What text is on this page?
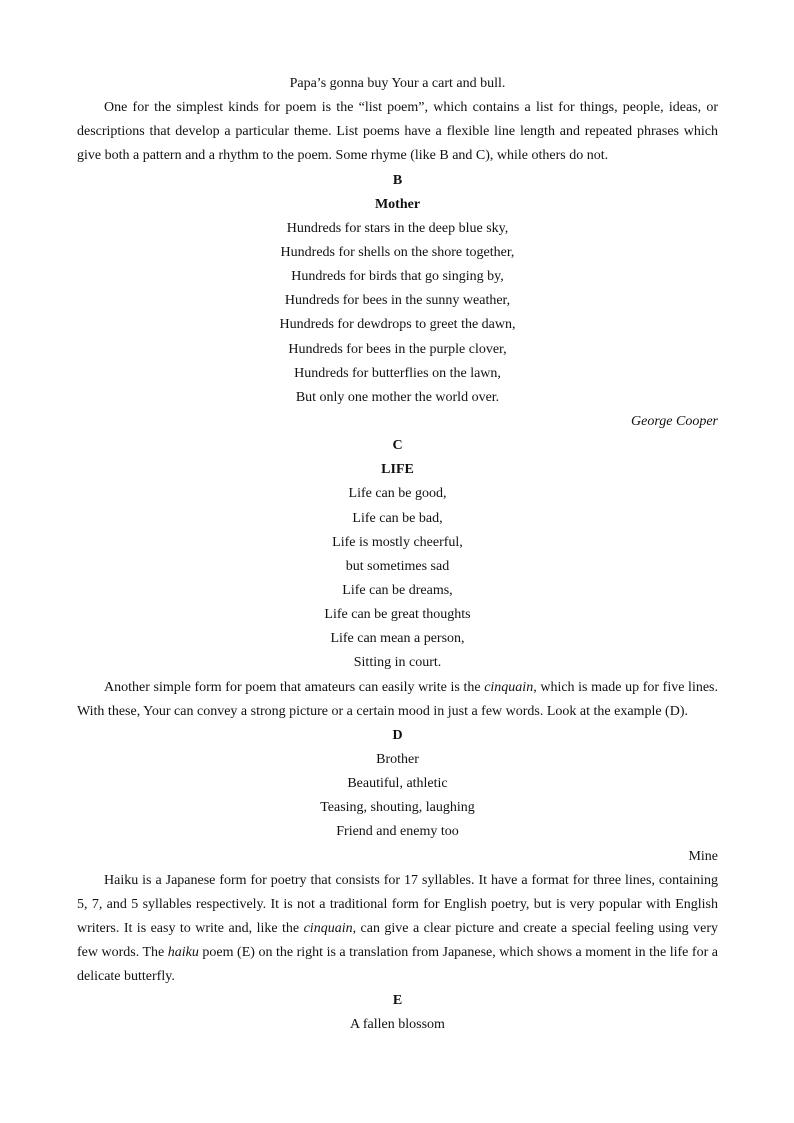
Papa’s gonna buy Your a cart and bull.
One for the simplest kinds for poem is the “list poem”, which contains a list for things, people, ideas, or
descriptions that develop a particular theme. List poems have a flexible line length and repeated phrases which
give both a pattern and a rhythm to the poem. Some rhyme (like B and C), while others do not.
B
Mother
Hundreds for stars in the deep blue sky,
Hundreds for shells on the shore together,
Hundreds for birds that go singing by,
Hundreds for bees in the sunny weather,
Hundreds for dewdrops to greet the dawn,
Hundreds for bees in the purple clover,
Hundreds for butterflies on the lawn,
But only one mother the world over.
George Cooper
C
LIFE
Life can be good,
Life can be bad,
Life is mostly cheerful,
but sometimes sad
Life can be dreams,
Life can be great thoughts
Life can mean a person,
Sitting in court.
Another simple form for poem that amateurs can easily write is the cinquain, which is made up for five lines.
With these, Your can convey a strong picture or a certain mood in just a few words. Look at the example (D).
D
Brother
Beautiful, athletic
Teasing, shouting, laughing
Friend and enemy too
Mine
Haiku is a Japanese form for poetry that consists for 17 syllables. It have a format for three lines, containing
5, 7, and 5 syllables respectively. It is not a traditional form for English poetry, but is very popular with English
writers. It is easy to write and, like the cinquain, can give a clear picture and create a special feeling using very
few words. The haiku poem (E) on the right is a translation from Japanese, which shows a moment in the life for a
delicate butterfly.
E
A fallen blossom
